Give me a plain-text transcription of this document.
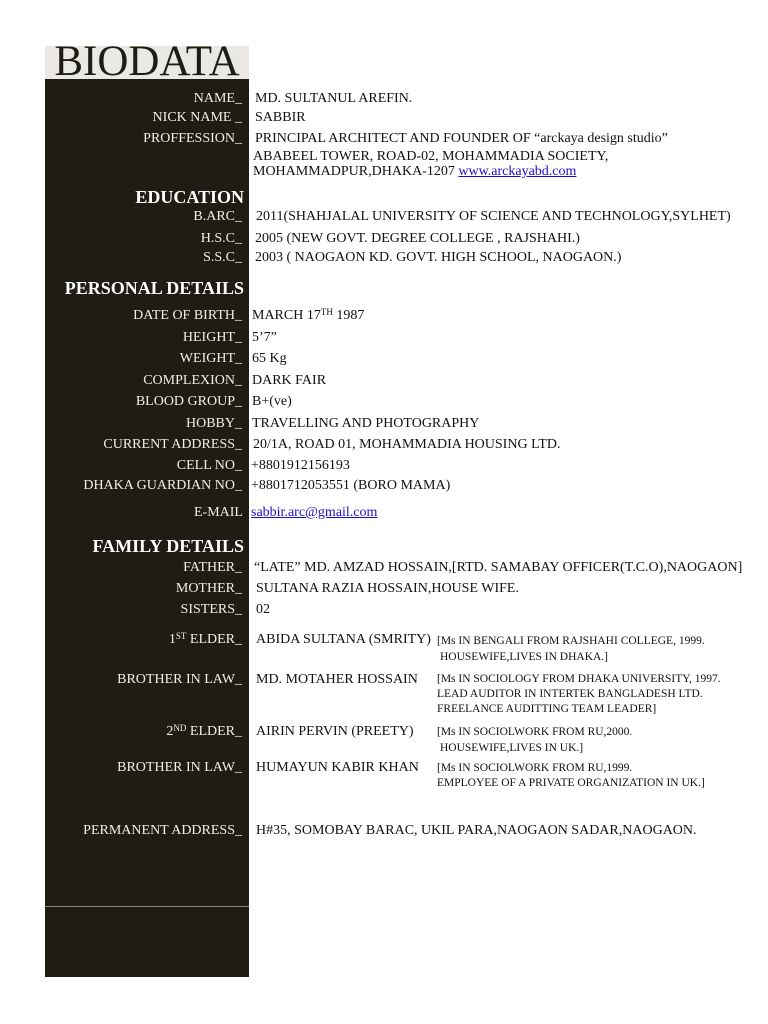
BIODATA
NAME_ MD. SULTANUL AREFIN.
NICK NAME _ SABBIR
PROFFESSION_ PRINCIPAL ARCHITECT AND FOUNDER OF “arckaya design studio”
ABABEEL TOWER, ROAD-02, MOHAMMADIA SOCIETY,
MOHAMMADPUR,DHAKA-1207 www.arckayabd.com
EDUCATION
B.ARC_ 2011(SHAHJALAL UNIVERSITY OF SCIENCE AND TECHNOLOGY,SYLHET)
H.S.C_ 2005 (NEW GOVT. DEGREE COLLEGE , RAJSHAHI.)
S.S.C_ 2003 ( NAOGAON KD. GOVT. HIGH SCHOOL, NAOGAON.)
PERSONAL DETAILS
DATE OF BIRTH_ MARCH 17TH 1987
HEIGHT_ 5’7”
WEIGHT_ 65 Kg
COMPLEXION_ DARK FAIR
BLOOD GROUP_ B+(ve)
HOBBY_ TRAVELLING AND PHOTOGRAPHY
CURRENT ADDRESS_ 20/1A, ROAD 01, MOHAMMADIA HOUSING LTD.
CELL NO_ +8801912156193
DHAKA GUARDIAN NO_ +8801712053551 (BORO MAMA)
E-MAIL sabbir.arc@gmail.com
FAMILY DETAILS
FATHER_ “LATE” MD. AMZAD HOSSAIN,[RTD. SAMABAY OFFICER(T.C.O),NAOGAON]
MOTHER_ SULTANA RAZIA HOSSAIN,HOUSE WIFE.
SISTERS_ 02
1ST ELDER_ ABIDA SULTANA (SMRITY) [Ms IN BENGALI FROM RAJSHAHI COLLEGE, 1999.
HOUSEWIFE,LIVES IN DHAKA.]
BROTHER IN LAW_ MD. MOTAHER HOSSAIN [Ms IN SOCIOLOGY FROM DHAKA UNIVERSITY, 1997.
LEAD AUDITOR IN INTERTEK BANGLADESH LTD.
FREELANCE AUDITTING TEAM LEADER]
2ND ELDER_ AIRIN PERVIN (PREETY) [Ms IN SOCIOLWORK FROM RU,2000.
HOUSEWIFE,LIVES IN UK.]
BROTHER IN LAW_ HUMAYUN KABIR KHAN [Ms IN SOCIOLWORK FROM RU,1999.
EMPLOYEE OF A PRIVATE ORGANIZATION IN UK.]
PERMANENT ADDRESS_ H#35, SOMOBAY BARAC, UKIL PARA,NAOGAON SADAR,NAOGAON.
